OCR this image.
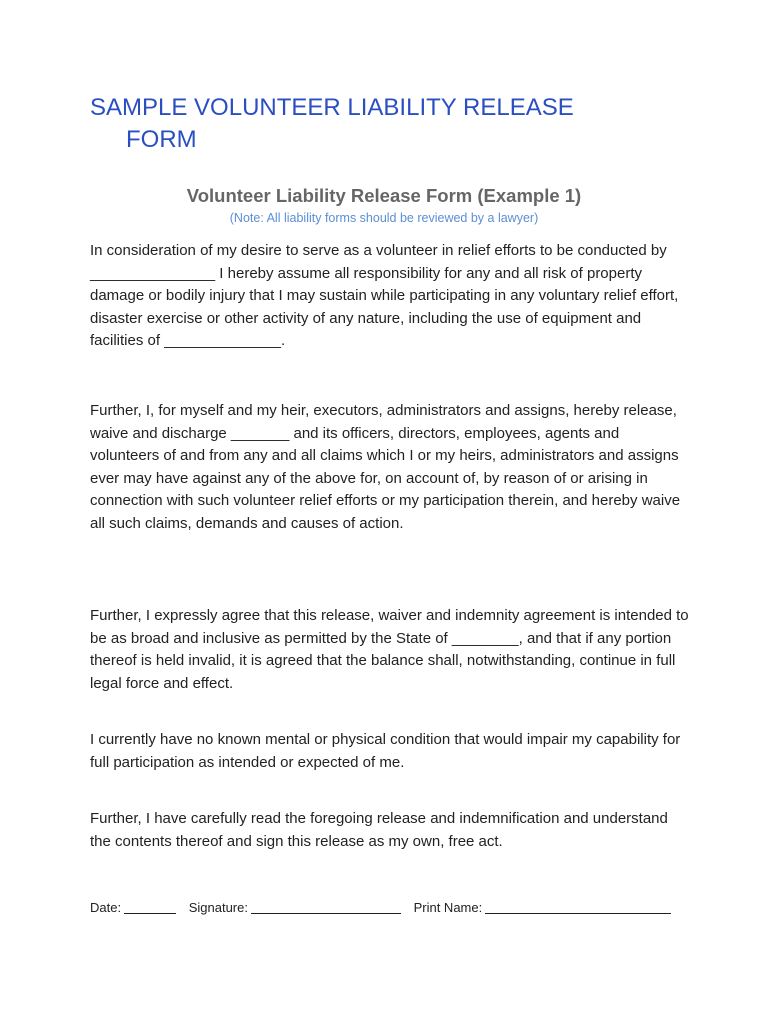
SAMPLE VOLUNTEER LIABILITY RELEASE
FORM

Volunteer Liability Release Form (Example 1)

(Note: All liability forms should be reviewed by a lawyer)

In consideration of my desire to serve as a volunteer in relief efforts to be conducted by _______________ I hereby assume all responsibility for any and all risk of property damage or bodily injury that I may sustain while participating in any voluntary relief effort, disaster exercise or other activity of any nature, including the use of equipment and facilities of ______________.

Further, I, for myself and my heir, executors, administrators and assigns, hereby release, waive and discharge _______ and its officers, directors, employees, agents and volunteers of and from any and all claims which I or my heirs, administrators and assigns ever may have against any of the above for, on account of, by reason of or arising in connection with such volunteer relief efforts or my participation therein, and hereby waive all such claims, demands and causes of action.

Further, I expressly agree that this release, waiver and indemnity agreement is intended to be as broad and inclusive as permitted by the State of ________, and that if any portion thereof is held invalid, it is agreed that the balance shall, notwithstanding, continue in full legal force and effect.

I currently have no known mental or physical condition that would impair my capability for full participation as intended or expected of me.

Further, I have carefully read the foregoing release and indemnification and understand the contents thereof and sign this release as my own, free act.

Date:	Signature:	Print Name:
